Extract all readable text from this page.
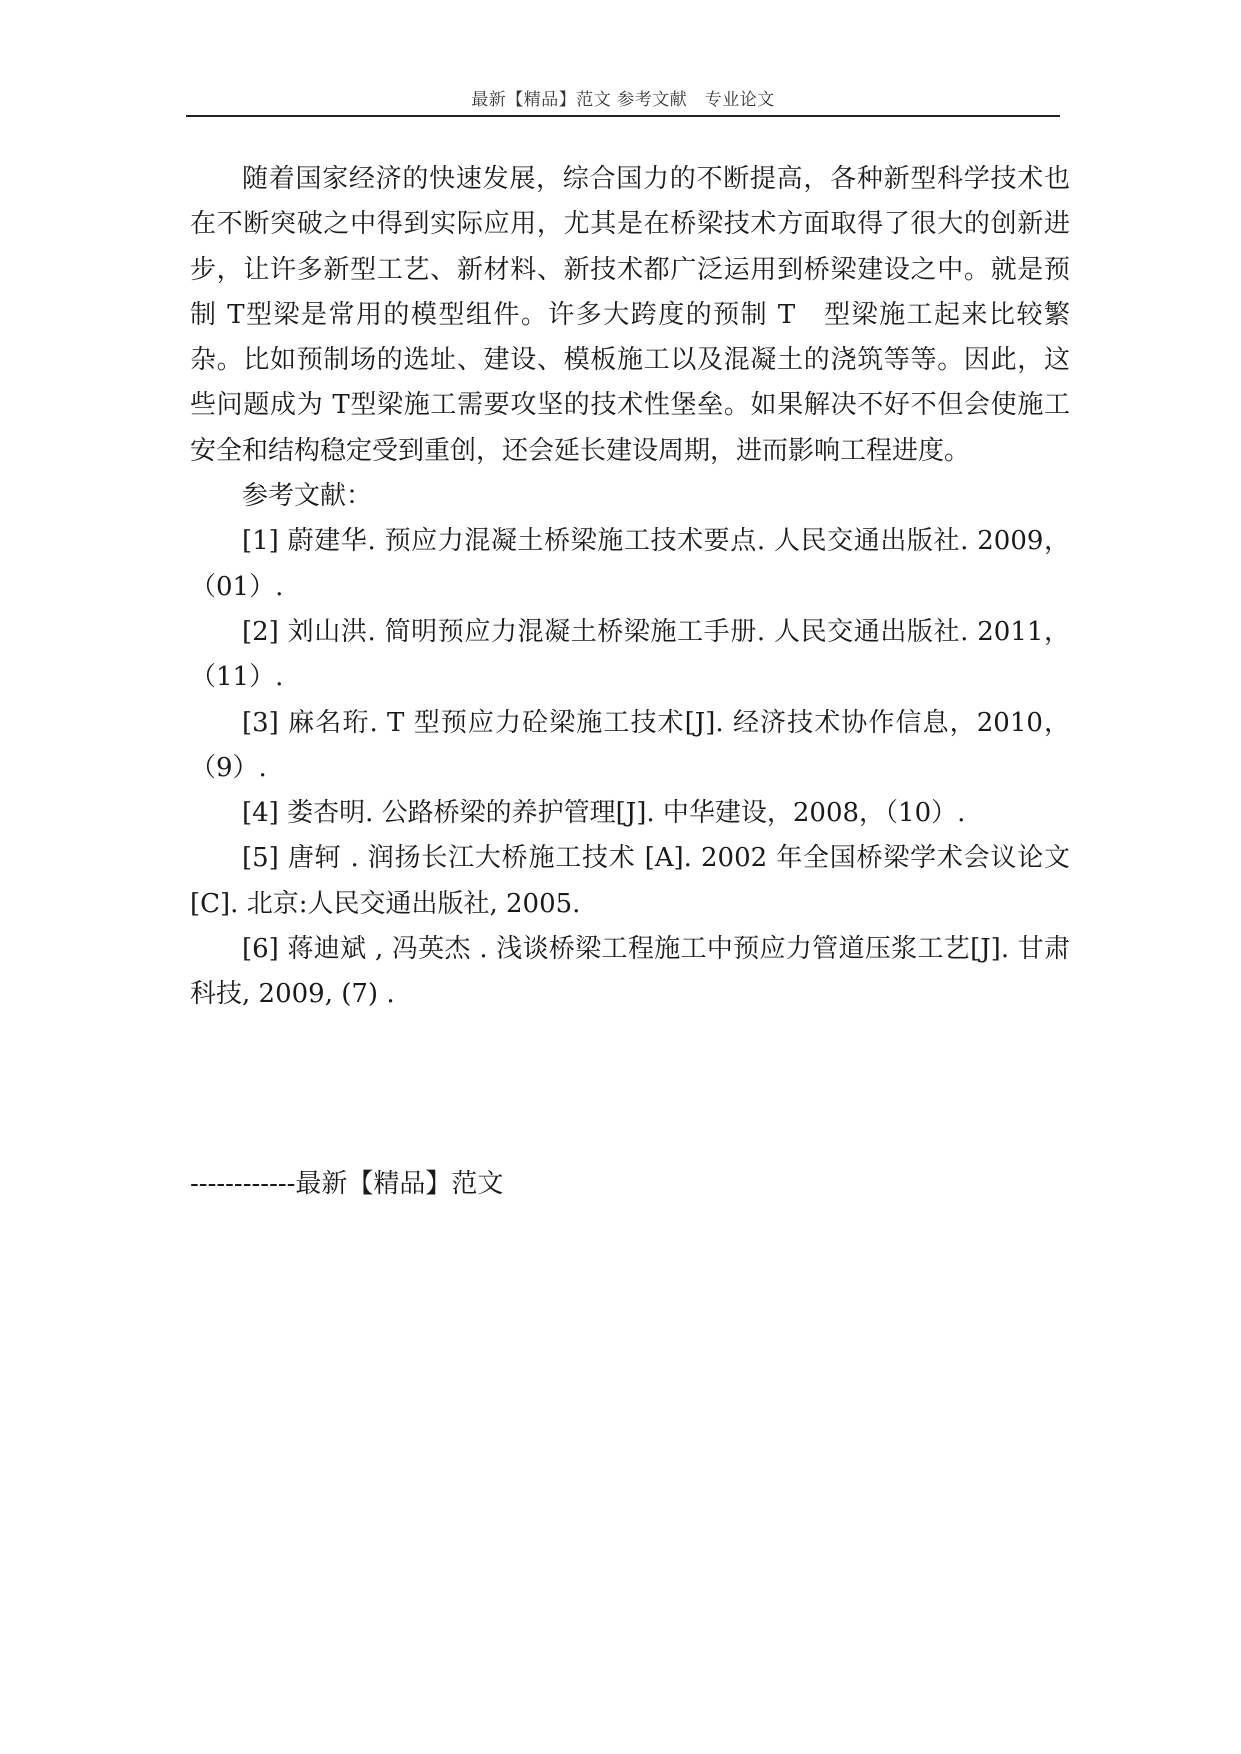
最新【精品】范文 参考文献　专业论文

随着国家经济的快速发展，综合国力的不断提高，各种新型科学技术也在不断突破之中得到实际应用，尤其是在桥梁技术方面取得了很大的创新进步，让许多新型工艺、新材料、新技术都广泛运用到桥梁建设之中。就是预制 T型梁是常用的模型组件。许多大跨度的预制 T　型梁施工起来比较繁杂。比如预制场的选址、建设、模板施工以及混凝土的浇筑等等。因此，这些问题成为 T型梁施工需要攻坚的技术性堡垒。如果解决不好不但会使施工安全和结构稳定受到重创，还会延长建设周期，进而影响工程进度。

参考文献：

[1] 蔚建华. 预应力混凝土桥梁施工技术要点. 人民交通出版社. 2009，（01）.

[2] 刘山洪. 简明预应力混凝土桥梁施工手册. 人民交通出版社. 2011，（11）.

[3] 麻名珩. T 型预应力砼梁施工技术[J]. 经济技术协作信息，2010，（9）.

[4] 娄杏明. 公路桥梁的养护管理[J]. 中华建设，2008，（10）.

[5] 唐轲 . 润扬长江大桥施工技术 [A]. 2002 年全国桥梁学术会议论文[C]. 北京:人民交通出版社, 2005.

[6] 蒋迪斌 , 冯英杰 . 浅谈桥梁工程施工中预应力管道压浆工艺[J]. 甘肃科技, 2009, (7) .

------------最新【精品】范文
